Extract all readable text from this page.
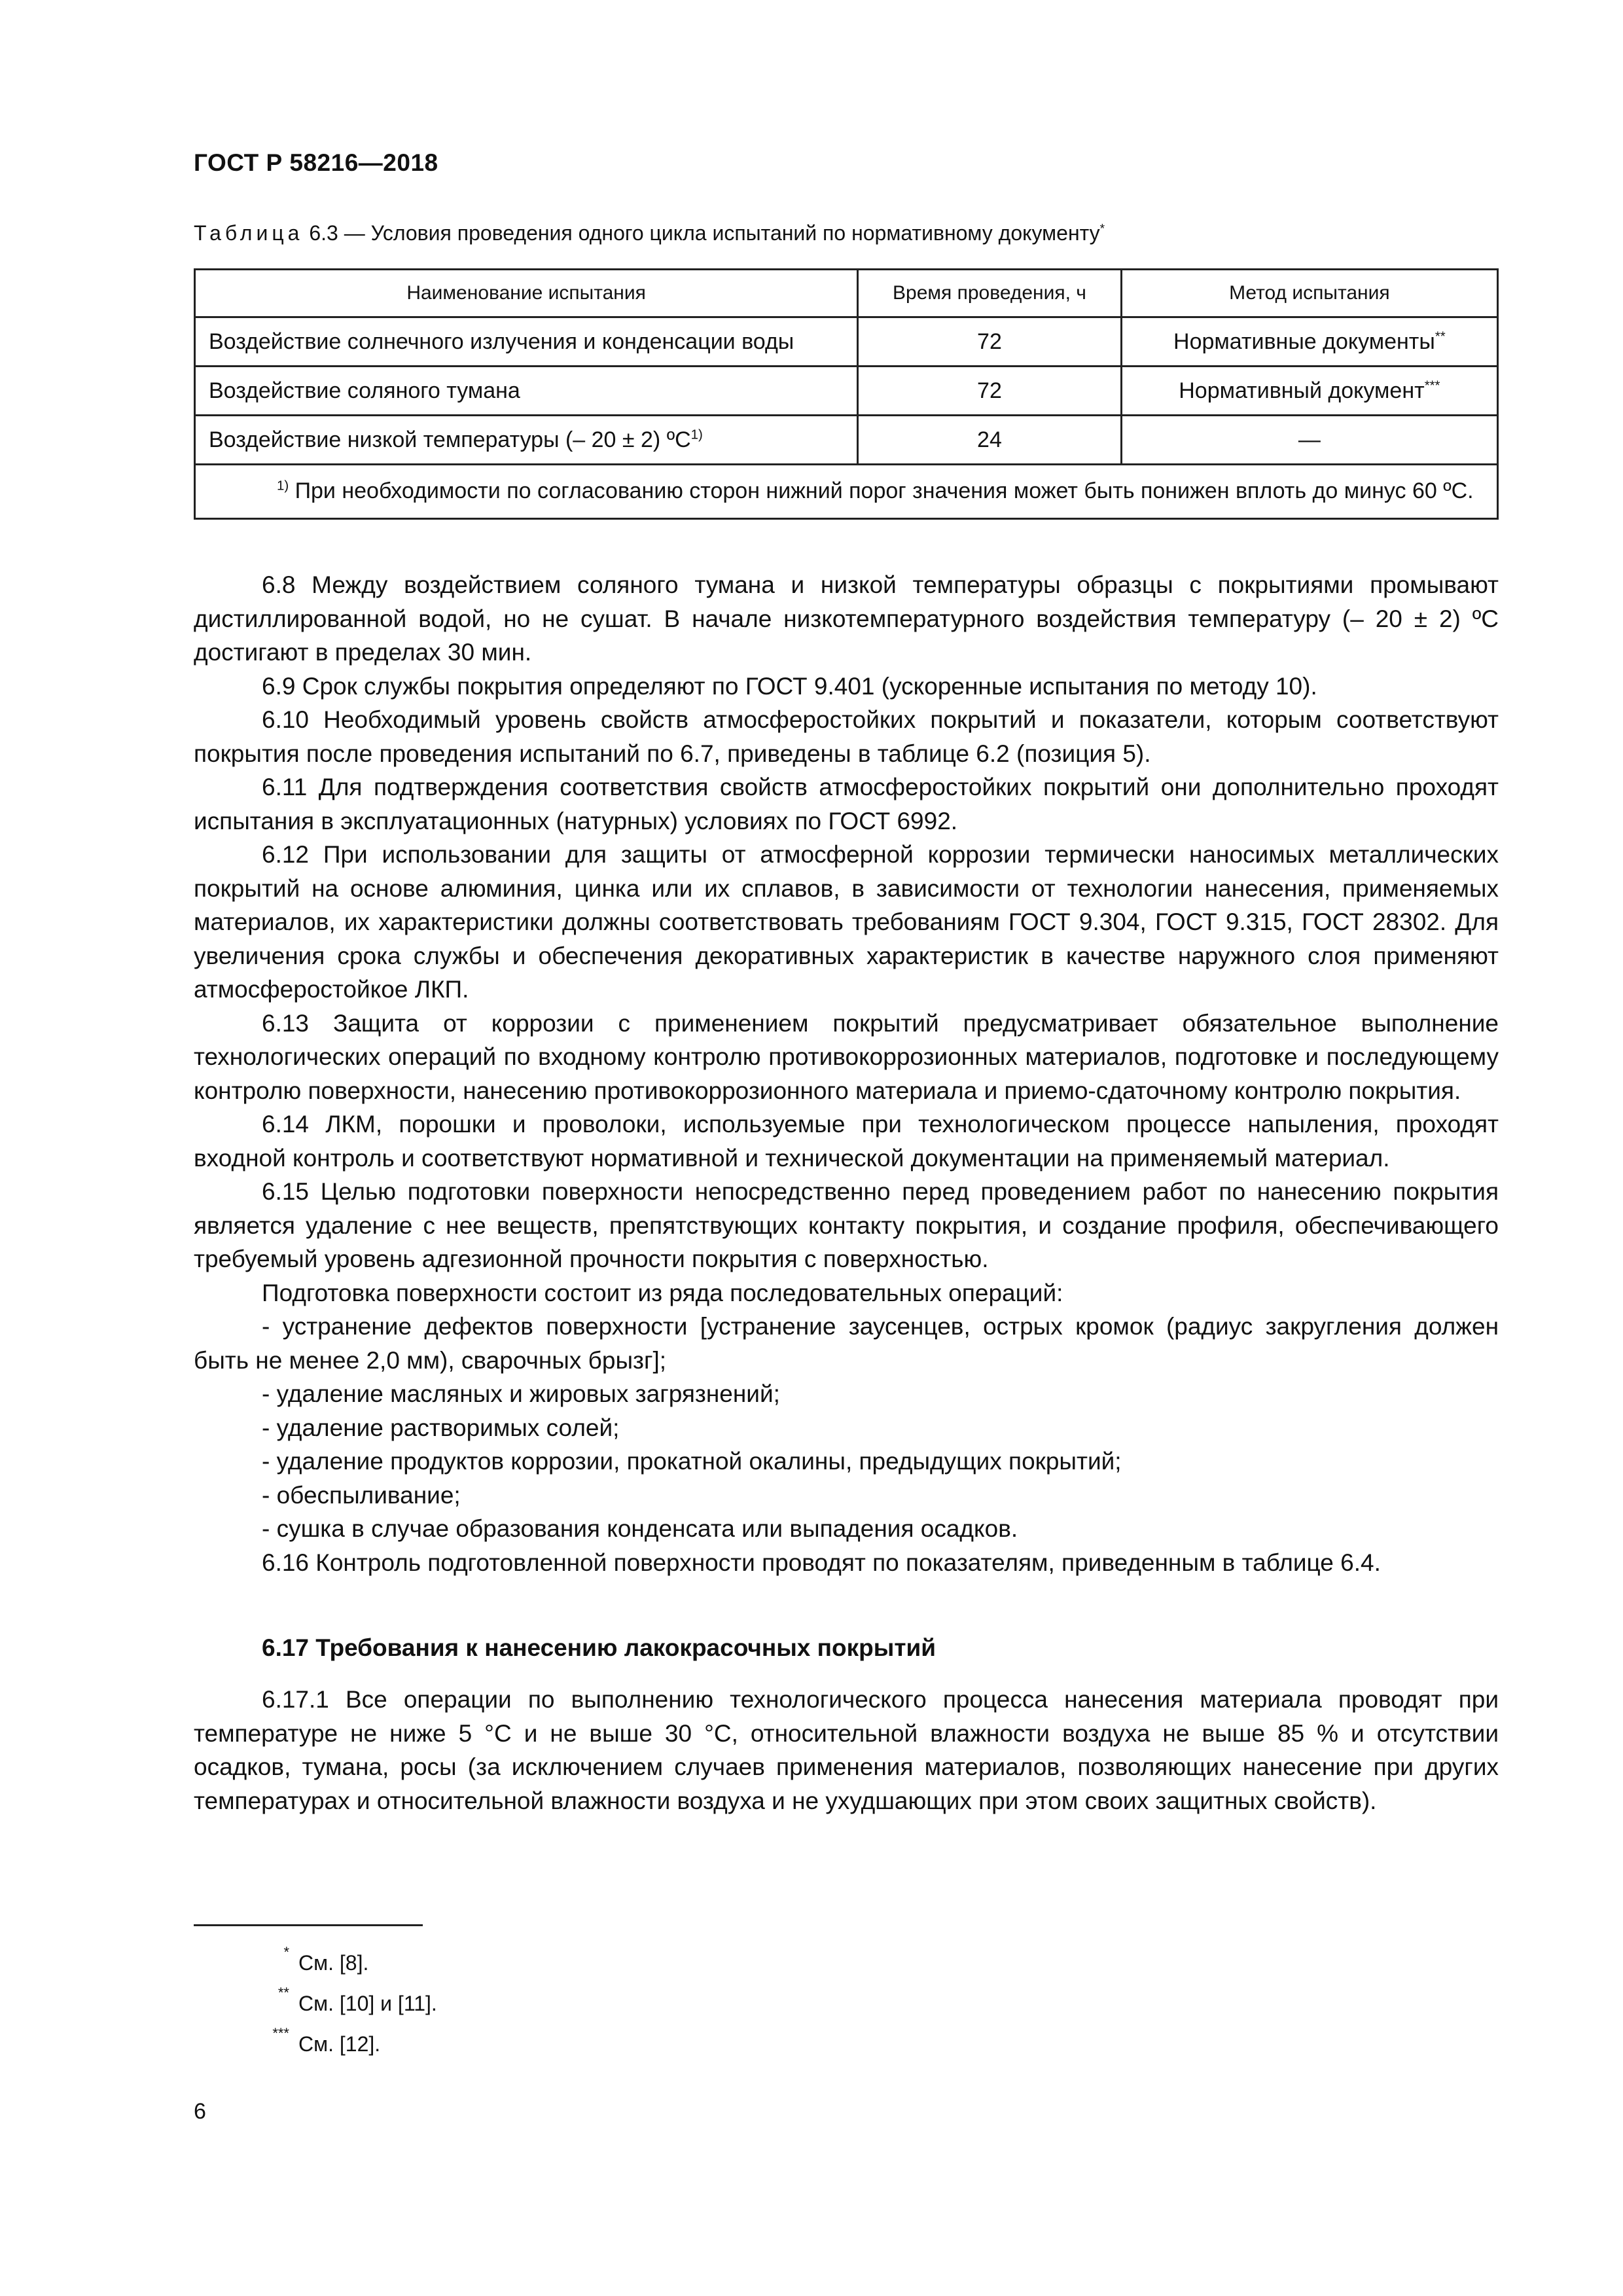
ГОСТ Р 58216—2018
Таблица 6.3 — Условия проведения одного цикла испытаний по нормативному документу*
Наименование испытания	Время проведения, ч	Метод испытания
Воздействие солнечного излучения и конденсации воды	72	Нормативные документы**
Воздействие соляного тумана	72	Нормативный документ***
Воздействие низкой температуры (– 20 ± 2) ºС$^{1)}$	24	—
$^{1)}$ При необходимости по согласованию сторон нижний порог значения может быть понижен вплоть до минус 60 ºС.		

6.8 Между воздействием соляного тумана и низкой температуры образцы с покрытиями промывают дистиллированной водой, но не сушат. В начале низкотемпературного воздействия температуру (– 20 ± 2) ºС достигают в пределах 30 мин.

6.9 Срок службы покрытия определяют по ГОСТ 9.401 (ускоренные испытания по методу 10).

6.10 Необходимый уровень свойств атмосферостойких покрытий и показатели, которым соответствуют покрытия после проведения испытаний по 6.7, приведены в таблице 6.2 (позиция 5).

6.11 Для подтверждения соответствия свойств атмосферостойких покрытий они дополнительно проходят испытания в эксплуатационных (натурных) условиях по ГОСТ 6992.

6.12 При использовании для защиты от атмосферной коррозии термически наносимых металлических покрытий на основе алюминия, цинка или их сплавов, в зависимости от технологии нанесения, применяемых материалов, их характеристики должны соответствовать требованиям ГОСТ 9.304, ГОСТ 9.315, ГОСТ 28302. Для увеличения срока службы и обеспечения декоративных характеристик в качестве наружного слоя применяют атмосферостойкое ЛКП.

6.13 Защита от коррозии с применением покрытий предусматривает обязательное выполнение технологических операций по входному контролю противокоррозионных материалов, подготовке и последующему контролю поверхности, нанесению противокоррозионного материала и приемо-сдаточному контролю покрытия.

6.14 ЛКМ, порошки и проволоки, используемые при технологическом процессе напыления, проходят входной контроль и соответствуют нормативной и технической документации на применяемый материал.

6.15 Целью подготовки поверхности непосредственно перед проведением работ по нанесению покрытия является удаление с нее веществ, препятствующих контакту покрытия, и создание профиля, обеспечивающего требуемый уровень адгезионной прочности покрытия с поверхностью.

Подготовка поверхности состоит из ряда последовательных операций:

- устранение дефектов поверхности [устранение заусенцев, острых кромок (радиус закругления должен быть не менее 2,0 мм), сварочных брызг];

- удаление масляных и жировых загрязнений;

- удаление растворимых солей;

- удаление продуктов коррозии, прокатной окалины, предыдущих покрытий;

- обеспыливание;

- сушка в случае образования конденсата или выпадения осадков.

6.16 Контроль подготовленной поверхности проводят по показателям, приведенным в таблице 6.4.

6.17 Требования к нанесению лакокрасочных покрытий

6.17.1 Все операции по выполнению технологического процесса нанесения материала проводят при температуре не ниже 5 °С и не выше 30 °С, относительной влажности воздуха не выше 85 % и отсутствии осадков, тумана, росы (за исключением случаев применения материалов, позволяющих нанесение при других температурах и относительной влажности воздуха и не ухудшающих при этом своих защитных свойств).

* См. [8].
** См. [10] и [11].
*** См. [12].
6
